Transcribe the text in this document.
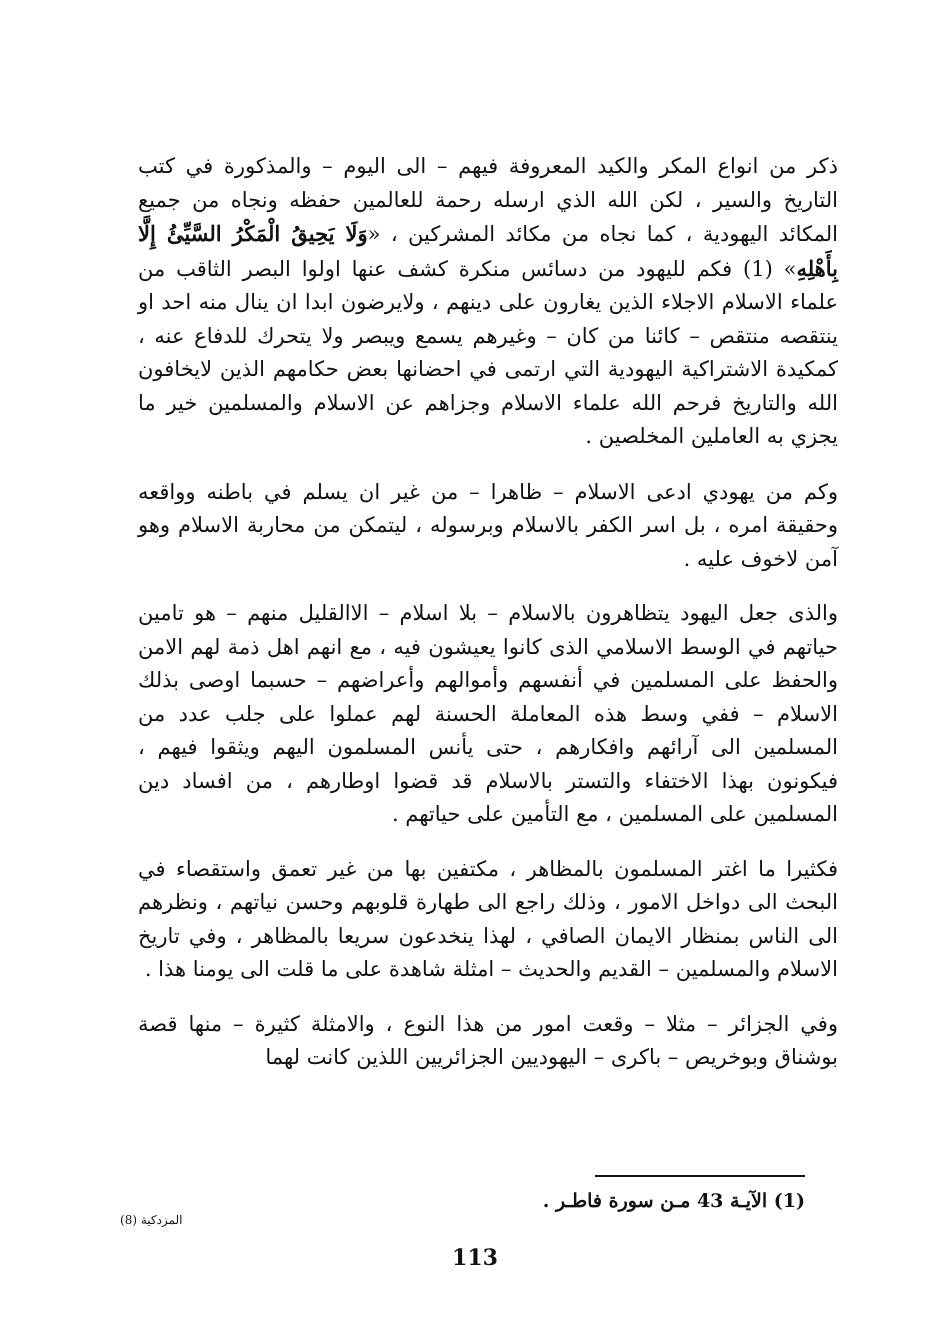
ذكر من انواع المكر والكيد المعروفة فيهم – الى اليوم – والمذكورة في كتب التاريخ والسير ، لكن الله الذي ارسله رحمة للعالمين حفظه ونجاه من جميع المكائد اليهودية ، كما نجاه من مكائد المشركين ، «وَلَا يَحِيقُ الْمَكْرُ السَّيِّئُ إِلَّا بِأَهْلِهِ» (1) فكم لليهود من دسائس منكرة كشف عنها اولوا البصر الثاقب من علماء الاسلام الاجلاء الذين يغارون على دينهم ، ولايرضون ابدا ان ينال منه احد او ينتقصه منتقص – كائنا من كان – وغيرهم يسمع ويبصر ولا يتحرك للدفاع عنه ، كمكيدة الاشتراكية اليهودية التي ارتمى في احضانها بعض حكامهم الذين لايخافون الله والتاريخ فرحم الله علماء الاسلام وجزاهم عن الاسلام والمسلمين خير ما يجزي به العاملين المخلصين .

وكم من يهودي ادعى الاسلام – ظاهرا – من غير ان يسلم في باطنه وواقعه وحقيقة امره ، بل اسر الكفر بالاسلام وبرسوله ، ليتمكن من محاربة الاسلام وهو آمن لاخوف عليه .

والذى جعل اليهود يتظاهرون بالاسلام – بلا اسلام – الاالقليل منهم – هو تامين حياتهم في الوسط الاسلامي الذى كانوا يعيشون فيه ، مع انهم اهل ذمة لهم الامن والحفظ على المسلمين في أنفسهم وأموالهم وأعراضهم – حسبما اوصى بذلك الاسلام – ففي وسط هذه المعاملة الحسنة لهم عملوا على جلب عدد من المسلمين الى آرائهم وافكارهم ، حتى يأنس المسلمون اليهم ويثقوا فيهم ، فيكونون بهذا الاختفاء والتستر بالاسلام قد قضوا اوطارهم ، من افساد دين المسلمين على المسلمين ، مع التأمين على حياتهم .

فكثيرا ما اغتر المسلمون بالمظاهر ، مكتفين بها من غير تعمق واستقصاء في البحث الى دواخل الامور ، وذلك راجع الى طهارة قلوبهم وحسن نياتهم ، ونظرهم الى الناس بمنظار الايمان الصافي ، لهذا ينخدعون سريعا بالمظاهر ، وفي تاريخ الاسلام والمسلمين – القديم والحديث – امثلة شاهدة على ما قلت الى يومنا هذا .

وفي الجزائر – مثلا – وقعت امور من هذا النوع ، والامثلة كثيرة – منها قصة بوشناق وبوخريص – باكرى – اليهوديين الجزائريين اللذين كانت لهما

(1) الآيـة 43 مـن سورة فاطـر .
المزدكية (8)
113
